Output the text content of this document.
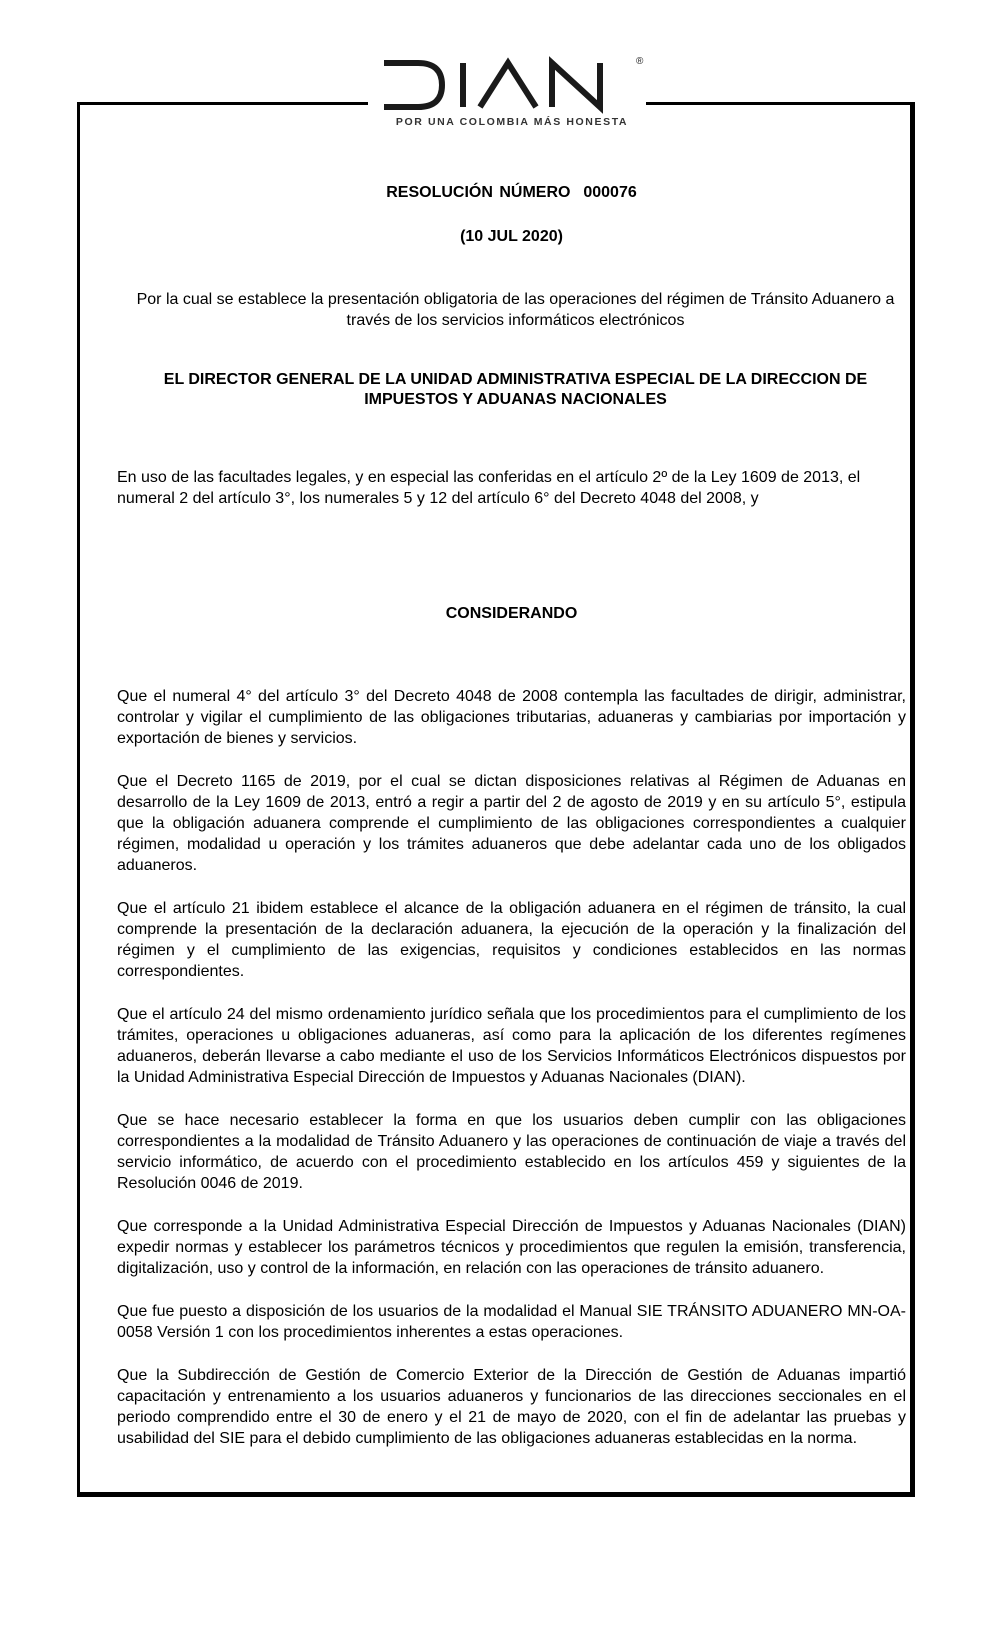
®
POR UNA COLOMBIA MÁS HONESTA
RESOLUCIÓN NÚMERO  000076
(10 JUL 2020)
Por la cual se establece la presentación obligatoria de las operaciones del régimen de Tránsito Aduanero a través de los servicios informáticos electrónicos
EL DIRECTOR GENERAL DE LA UNIDAD ADMINISTRATIVA ESPECIAL DE LA DIRECCION DE IMPUESTOS Y ADUANAS NACIONALES
En uso de las facultades legales, y en especial las conferidas en el artículo 2º de la Ley 1609 de 2013, el numeral 2 del artículo 3°, los numerales 5 y 12 del artículo 6° del Decreto 4048 del 2008, y
CONSIDERANDO

Que el numeral 4° del artículo 3° del Decreto 4048 de 2008 contempla las facultades de dirigir, administrar, controlar y vigilar el cumplimiento de las obligaciones tributarias, aduaneras y cambiarias por importación y exportación de bienes y servicios.

Que el Decreto 1165 de 2019, por el cual se dictan disposiciones relativas al Régimen de Aduanas en desarrollo de la Ley 1609 de 2013, entró a regir a partir del 2 de agosto de 2019 y en su artículo 5°, estipula que la obligación aduanera comprende el cumplimiento de las obligaciones correspondientes a cualquier régimen, modalidad u operación y los trámites aduaneros que debe adelantar cada uno de los obligados aduaneros.

Que el artículo 21 ibidem establece el alcance de la obligación aduanera en el régimen de tránsito, la cual comprende la presentación de la declaración aduanera, la ejecución de la operación y la finalización del régimen y el cumplimiento de las exigencias, requisitos y condiciones establecidos en las normas correspondientes.

Que el artículo 24 del mismo ordenamiento jurídico señala que los procedimientos para el cumplimiento de los trámites, operaciones u obligaciones aduaneras, así como para la aplicación de los diferentes regímenes aduaneros, deberán llevarse a cabo mediante el uso de los Servicios Informáticos Electrónicos dispuestos por la Unidad Administrativa Especial Dirección de Impuestos y Aduanas Nacionales (DIAN).

Que se hace necesario establecer la forma en que los usuarios deben cumplir con las obligaciones correspondientes a la modalidad de Tránsito Aduanero y las operaciones de continuación de viaje a través del servicio informático, de acuerdo con el procedimiento establecido en los artículos 459 y siguientes de la Resolución 0046 de 2019.

Que corresponde a la Unidad Administrativa Especial Dirección de Impuestos y Aduanas Nacionales (DIAN) expedir normas y establecer los parámetros técnicos y procedimientos que regulen la emisión, transferencia, digitalización, uso y control de la información, en relación con las operaciones de tránsito aduanero.

Que fue puesto a disposición de los usuarios de la modalidad el Manual SIE TRÁNSITO ADUANERO MN-OA-0058 Versión 1 con los procedimientos inherentes a estas operaciones.

Que la Subdirección de Gestión de Comercio Exterior de la Dirección de Gestión de Aduanas impartió capacitación y entrenamiento a los usuarios aduaneros y funcionarios de las direcciones seccionales en el periodo comprendido entre el 30 de enero y el 21 de mayo de 2020, con el fin de adelantar las pruebas y usabilidad del SIE para el debido cumplimiento de las obligaciones aduaneras establecidas en la norma.
